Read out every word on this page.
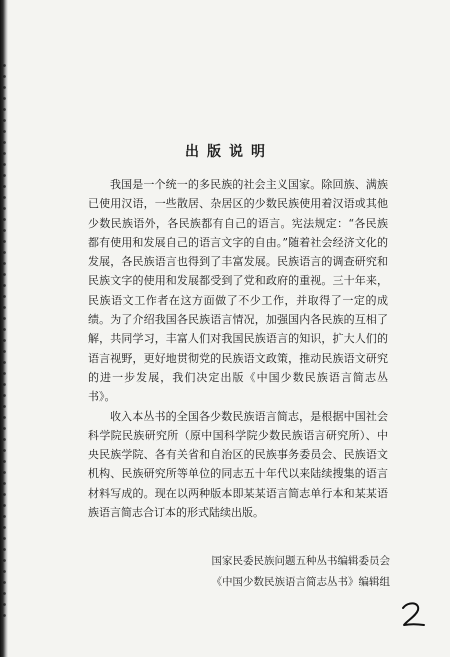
出版说明

我国是一个统一的多民族的社会主义国家。除回族、满族已使用汉语，一些散居、杂居区的少数民族使用着汉语或其他少数民族语外，各民族都有自己的语言。宪法规定：“各民族都有使用和发展自己的语言文字的自由。”随着社会经济文化的发展，各民族语言也得到了丰富发展。民族语言的调查研究和民族文字的使用和发展都受到了党和政府的重视。三十年来，民族语文工作者在这方面做了不少工作，并取得了一定的成绩。为了介绍我国各民族语言情况，加强国内各民族的互相了解，共同学习，丰富人们对我国民族语言的知识，扩大人们的语言视野，更好地贯彻党的民族语文政策，推动民族语文研究的进一步发展，我们决定出版《中国少数民族语言简志丛书》。

收入本丛书的全国各少数民族语言简志，是根据中国社会科学院民族研究所（原中国科学院少数民族语言研究所）、中央民族学院、各有关省和自治区的民族事务委员会、民族语文机构、民族研究所等单位的同志五十年代以来陆续搜集的语言材料写成的。现在以两种版本即某某语言简志单行本和某某语族语言简志合订本的形式陆续出版。

国家民委民族问题五种丛书编辑委员会
《中国少数民族语言简志丛书》编辑组
